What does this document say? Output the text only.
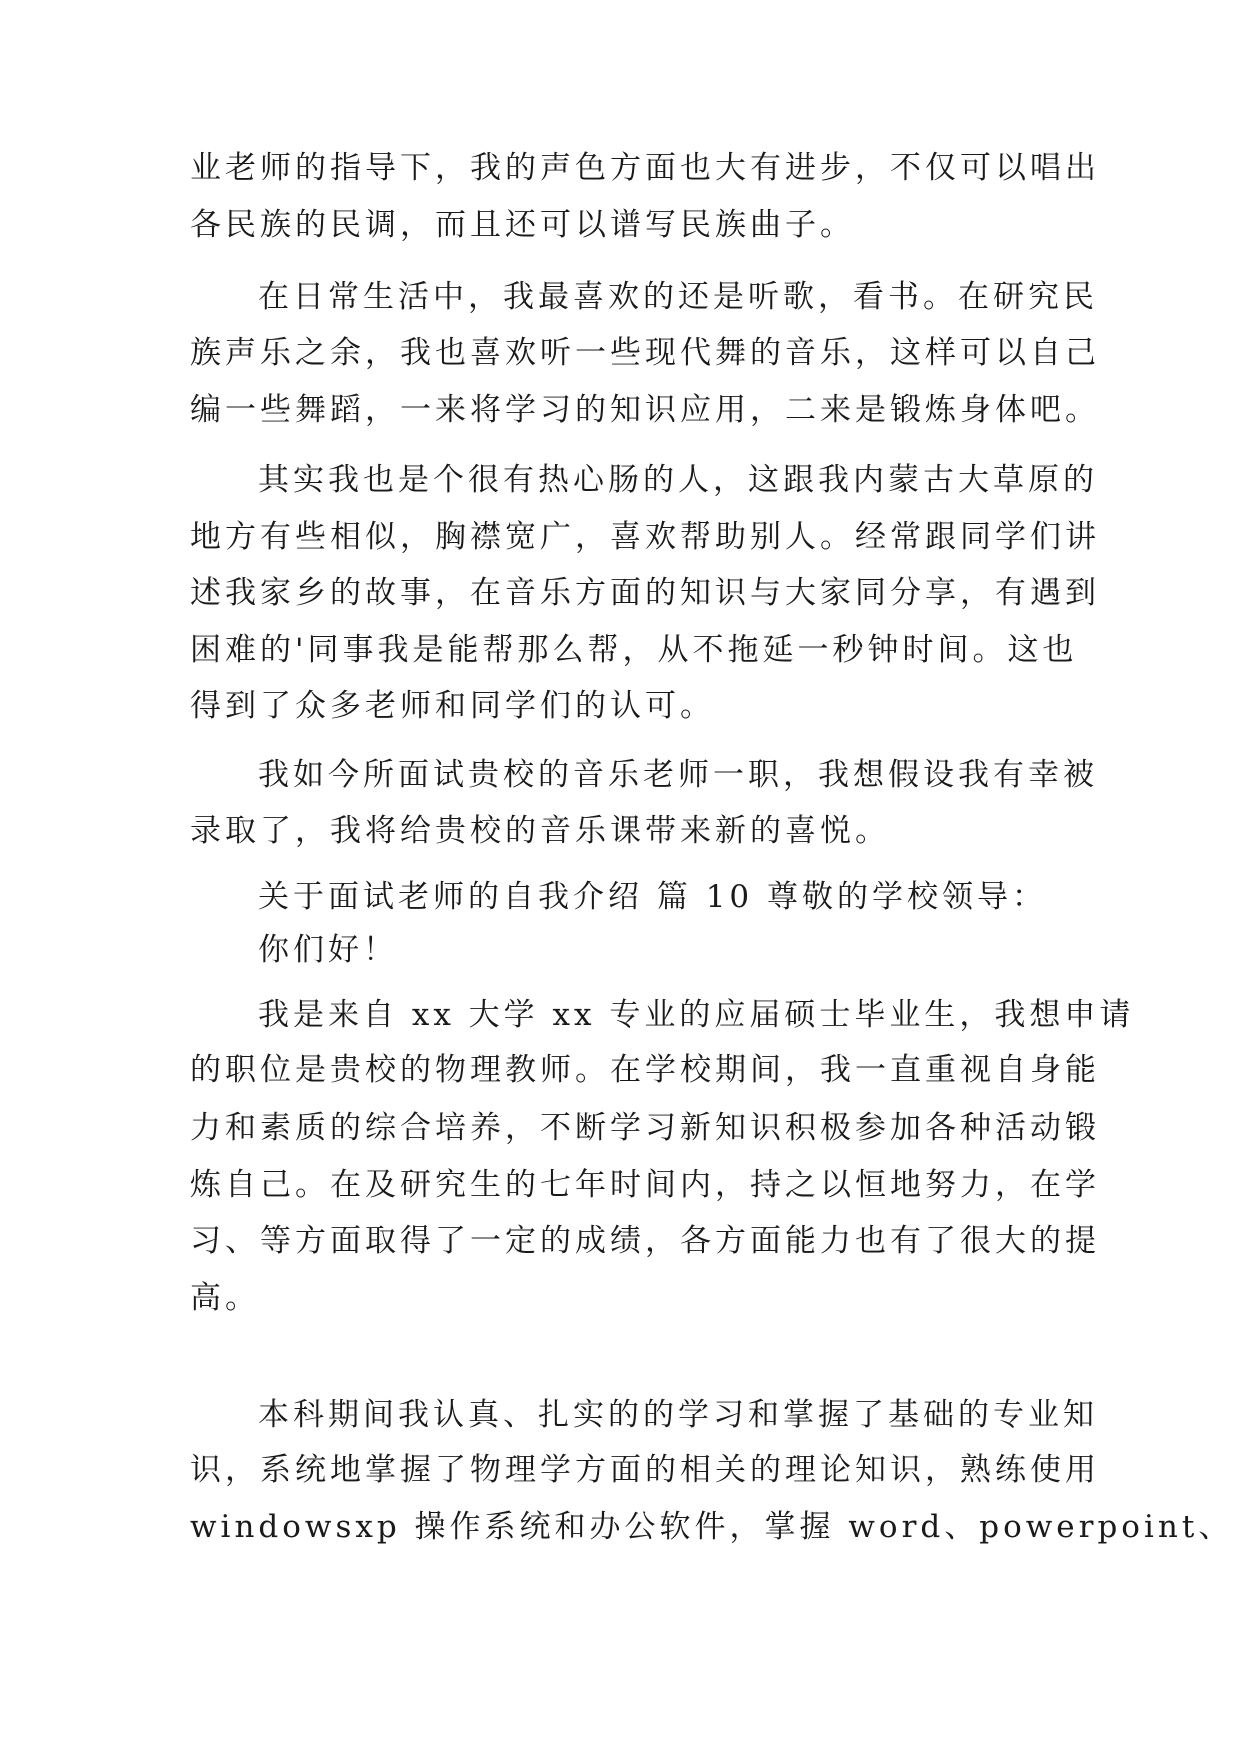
业老师的指导下，我的声色方面也大有进步，不仅可以唱出
各民族的民调，而且还可以谱写民族曲子。
在日常生活中，我最喜欢的还是听歌，看书。在研究民
族声乐之余，我也喜欢听一些现代舞的音乐，这样可以自己
编一些舞蹈，一来将学习的知识应用，二来是锻炼身体吧。
其实我也是个很有热心肠的人，这跟我内蒙古大草原的
地方有些相似，胸襟宽广，喜欢帮助别人。经常跟同学们讲
述我家乡的故事，在音乐方面的知识与大家同分享，有遇到
困难的'同事我是能帮那么帮，从不拖延一秒钟时间。这也
得到了众多老师和同学们的认可。
我如今所面试贵校的音乐老师一职，我想假设我有幸被
录取了，我将给贵校的音乐课带来新的喜悦。
关于面试老师的自我介绍 篇 10 尊敬的学校领导：
你们好！
我是来自 xx 大学 xx 专业的应届硕士毕业生，我想申请
的职位是贵校的物理教师。在学校期间，我一直重视自身能
力和素质的综合培养，不断学习新知识积极参加各种活动锻
炼自己。在及研究生的七年时间内，持之以恒地努力，在学
习、等方面取得了一定的成绩，各方面能力也有了很大的提
高。
本科期间我认真、扎实的的学习和掌握了基础的专业知
识，系统地掌握了物理学方面的相关的理论知识，熟练使用
windowsxp 操作系统和办公软件，掌握 word、powerpoint、
